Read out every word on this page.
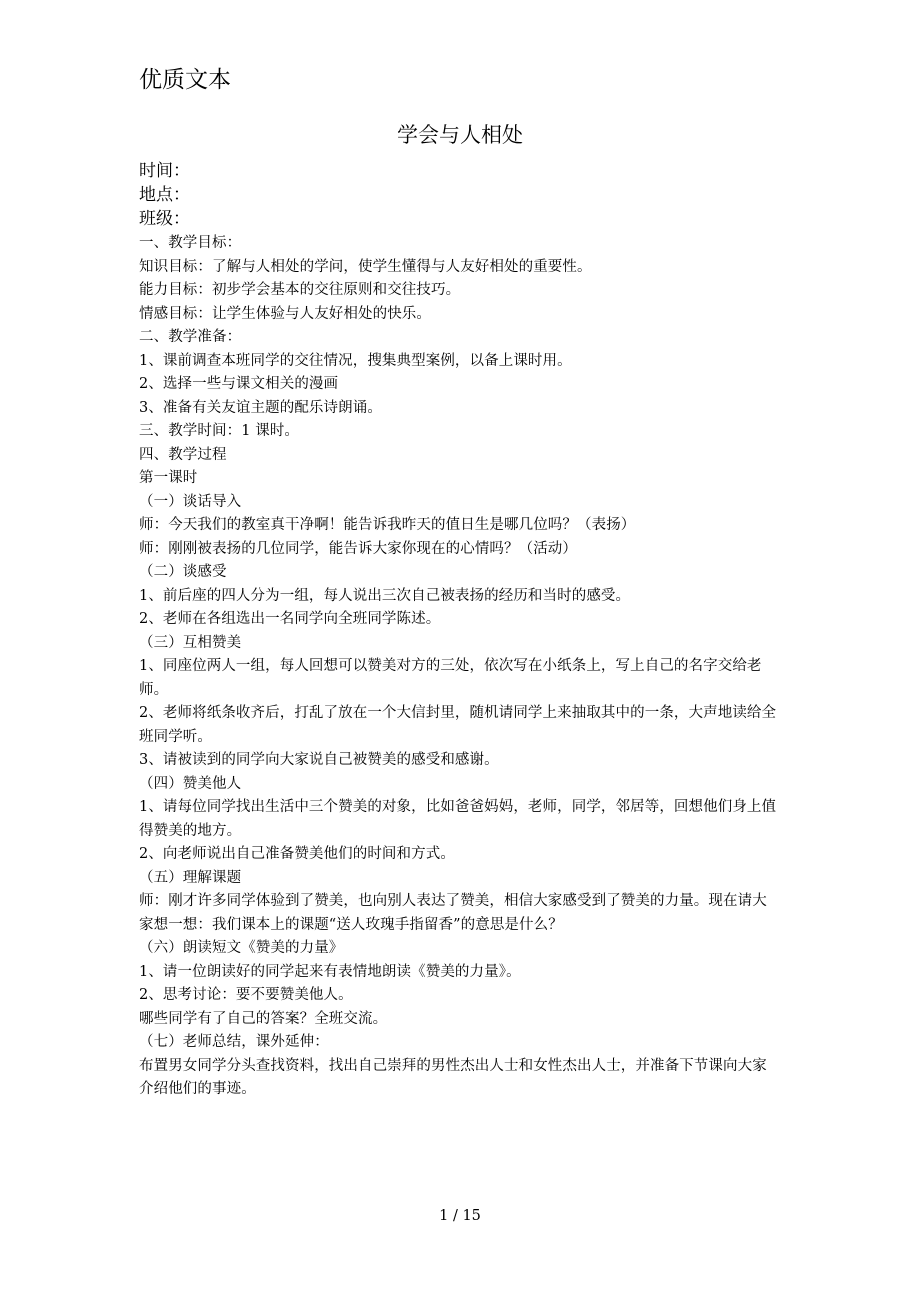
优质文本
学会与人相处
时间：
地点：
班级：
一、教学目标：
知识目标：了解与人相处的学问，使学生懂得与人友好相处的重要性。
能力目标：初步学会基本的交往原则和交往技巧。
情感目标：让学生体验与人友好相处的快乐。
二、教学准备：
1、课前调查本班同学的交往情况，搜集典型案例，以备上课时用。
2、选择一些与课文相关的漫画
3、准备有关友谊主题的配乐诗朗诵。
三、教学时间：1 课时。
四、教学过程
第一课时
（一）谈话导入
师：今天我们的教室真干净啊！能告诉我昨天的值日生是哪几位吗？（表扬）
师：刚刚被表扬的几位同学，能告诉大家你现在的心情吗？（活动）
（二）谈感受
1、前后座的四人分为一组，每人说出三次自己被表扬的经历和当时的感受。
2、老师在各组选出一名同学向全班同学陈述。
（三）互相赞美
1、同座位两人一组，每人回想可以赞美对方的三处，依次写在小纸条上，写上自己的名字交给老师。
2、老师将纸条收齐后，打乱了放在一个大信封里，随机请同学上来抽取其中的一条，大声地读给全班同学听。
3、请被读到的同学向大家说自己被赞美的感受和感谢。
（四）赞美他人
1、请每位同学找出生活中三个赞美的对象，比如爸爸妈妈，老师，同学，邻居等，回想他们身上值得赞美的地方。
2、向老师说出自己准备赞美他们的时间和方式。
（五）理解课题
师：刚才许多同学体验到了赞美，也向别人表达了赞美，相信大家感受到了赞美的力量。现在请大家想一想：我们课本上的课题“送人玫瑰手指留香”的意思是什么？
（六）朗读短文《赞美的力量》
1、请一位朗读好的同学起来有表情地朗读《赞美的力量》。
2、思考讨论：要不要赞美他人。
哪些同学有了自己的答案？全班交流。
（七）老师总结，课外延伸：
布置男女同学分头查找资料，找出自己崇拜的男性杰出人士和女性杰出人士，并准备下节课向大家介绍他们的事迹。
1 / 15
